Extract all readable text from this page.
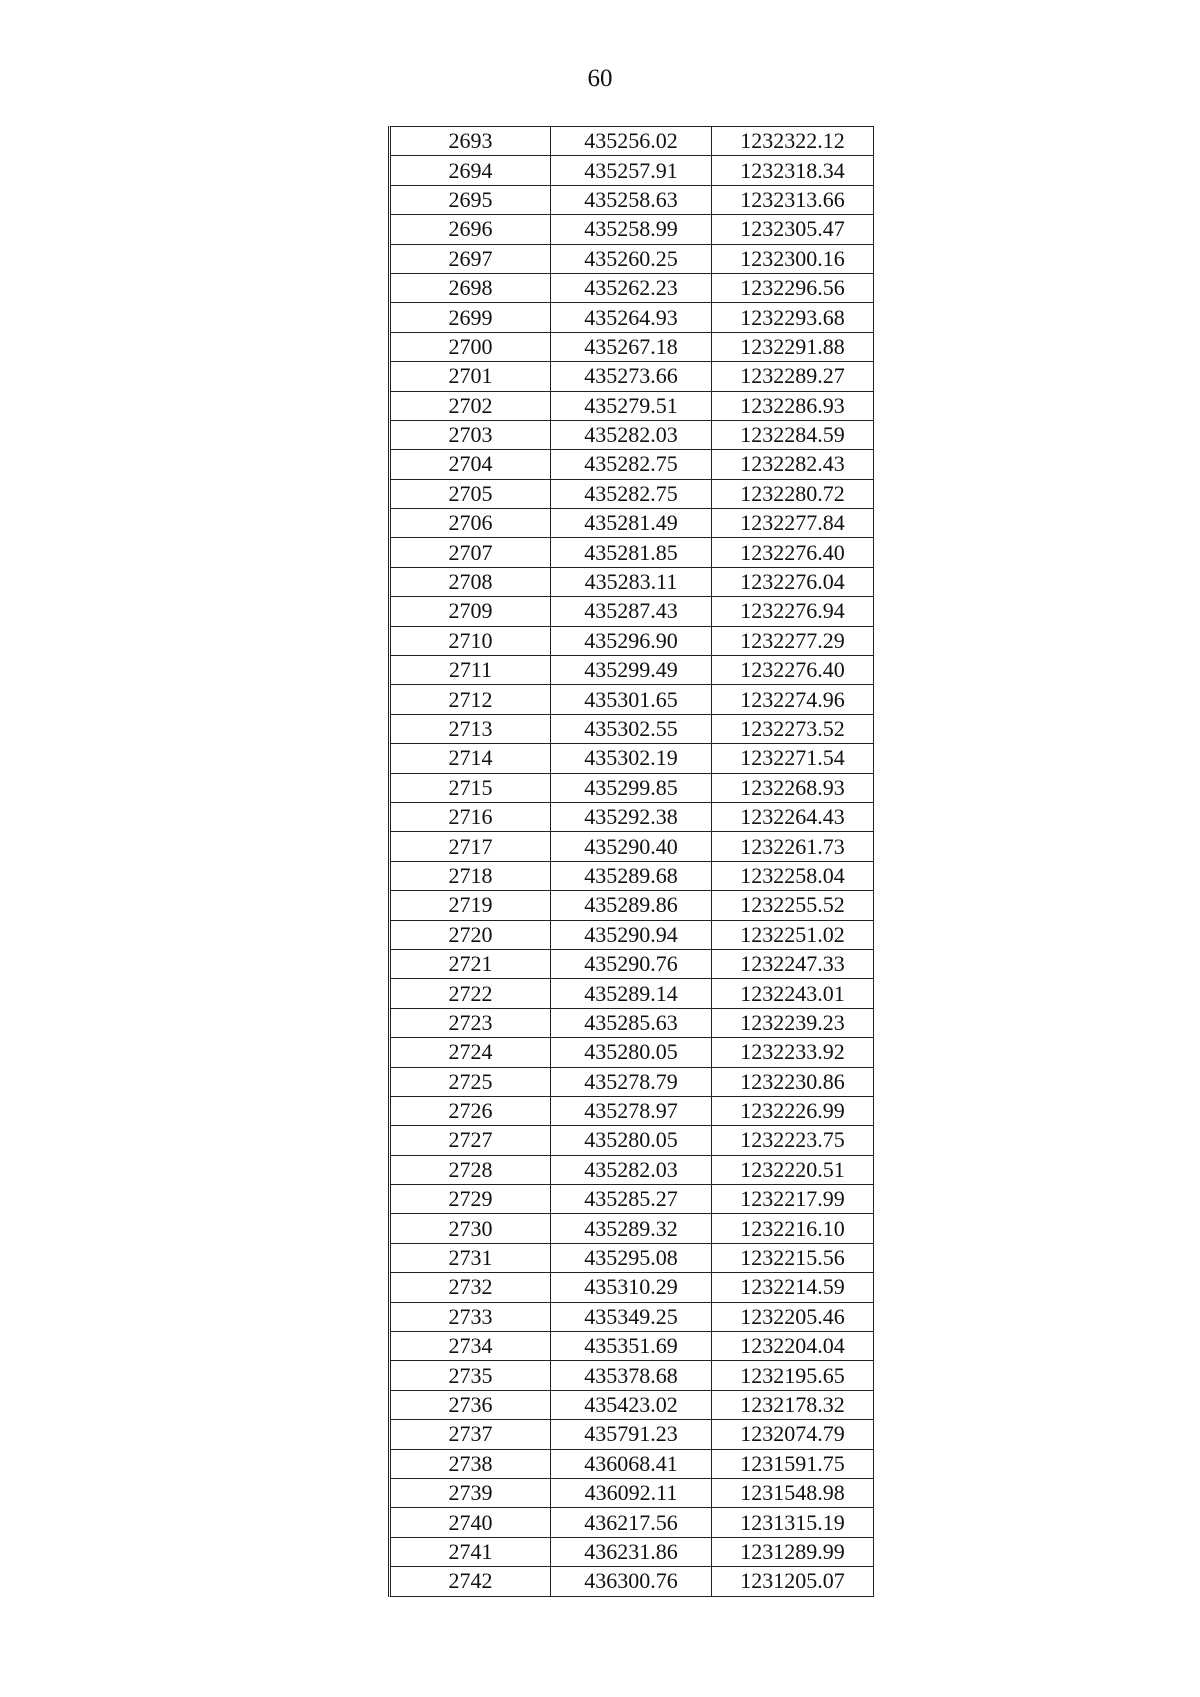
60
2693	435256.02	1232322.12
2694	435257.91	1232318.34
2695	435258.63	1232313.66
2696	435258.99	1232305.47
2697	435260.25	1232300.16
2698	435262.23	1232296.56
2699	435264.93	1232293.68
2700	435267.18	1232291.88
2701	435273.66	1232289.27
2702	435279.51	1232286.93
2703	435282.03	1232284.59
2704	435282.75	1232282.43
2705	435282.75	1232280.72
2706	435281.49	1232277.84
2707	435281.85	1232276.40
2708	435283.11	1232276.04
2709	435287.43	1232276.94
2710	435296.90	1232277.29
2711	435299.49	1232276.40
2712	435301.65	1232274.96
2713	435302.55	1232273.52
2714	435302.19	1232271.54
2715	435299.85	1232268.93
2716	435292.38	1232264.43
2717	435290.40	1232261.73
2718	435289.68	1232258.04
2719	435289.86	1232255.52
2720	435290.94	1232251.02
2721	435290.76	1232247.33
2722	435289.14	1232243.01
2723	435285.63	1232239.23
2724	435280.05	1232233.92
2725	435278.79	1232230.86
2726	435278.97	1232226.99
2727	435280.05	1232223.75
2728	435282.03	1232220.51
2729	435285.27	1232217.99
2730	435289.32	1232216.10
2731	435295.08	1232215.56
2732	435310.29	1232214.59
2733	435349.25	1232205.46
2734	435351.69	1232204.04
2735	435378.68	1232195.65
2736	435423.02	1232178.32
2737	435791.23	1232074.79
2738	436068.41	1231591.75
2739	436092.11	1231548.98
2740	436217.56	1231315.19
2741	436231.86	1231289.99
2742	436300.76	1231205.07
